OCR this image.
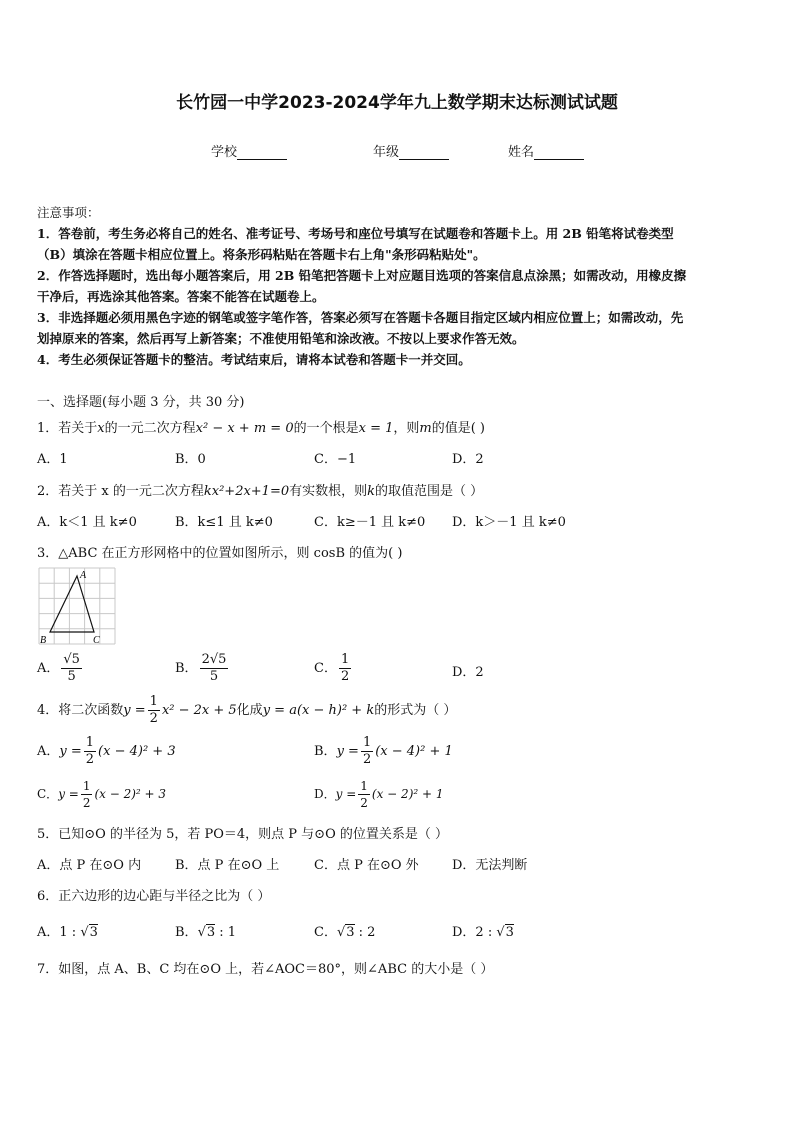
长竹园一中学2023-2024学年九上数学期末达标测试试题
学校	年级	姓名
注意事项：
1．答卷前，考生务必将自己的姓名、准考证号、考场号和座位号填写在试题卷和答题卡上。用 2B 铅笔将试卷类型
（B）填涂在答题卡相应位置上。将条形码粘贴在答题卡右上角"条形码粘贴处"。
2．作答选择题时，选出每小题答案后，用 2B 铅笔把答题卡上对应题目选项的答案信息点涂黑；如需改动，用橡皮擦
干净后，再选涂其他答案。答案不能答在试题卷上。
3．非选择题必须用黑色字迹的钢笔或签字笔作答，答案必须写在答题卡各题目指定区域内相应位置上；如需改动，先
划掉原来的答案，然后再写上新答案；不准使用铅笔和涂改液。不按以上要求作答无效。
4．考生必须保证答题卡的整洁。考试结束后，请将本试卷和答题卡一并交回。
一、选择题(每小题 3 分，共 30 分)
1．若关于x的一元二次方程x² − x + m = 0的一个根是x = 1，则m的值是( )
A．1	B．0	C．−1	D．2
2．若关于 x 的一元二次方程kx²+2x+1=0有实数根，则k的取值范围是（ ）
A．k＜1 且 k≠0	B．k≤1 且 k≠0	C．k≥－1 且 k≠0 D．k＞－1 且 k≠0
3．△ABC 在正方形网格中的位置如图所示，则 cosB 的值为( )
A
B	C
A． $\frac{√5}{5}$	B． $\frac{2√5}{5}$	C． $\frac{1}{2}$	D．2
4．将二次函数$y = \frac{1}{2} x^2 - 2x + 5$化成y = a(x − h)² + k的形式为（ ）
A．$y = \frac{1}{2} (x - 4)^2 + 3$	B．$y = \frac{1}{2} (x - 4)^2 + 1$
C．$y = \frac{1}{2} (x - 2)^2 + 3$	D．$y = \frac{1}{2} (x - 2)^2 + 1$
5．已知⊙O 的半径为 5，若 PO＝4，则点 P 与⊙O 的位置关系是（ ）
A．点 P 在⊙O 内	B．点 P 在⊙O 上	C．点 P 在⊙O 外	D．无法判断
6．正六边形的边心距与半径之比为（ ）
A．1 : √3	B．√3 : 1	C．√3 : 2	D．2 : √3
7．如图，点 A、B、C 均在⊙O 上，若∠AOC＝80°，则∠ABC 的大小是（ ）
